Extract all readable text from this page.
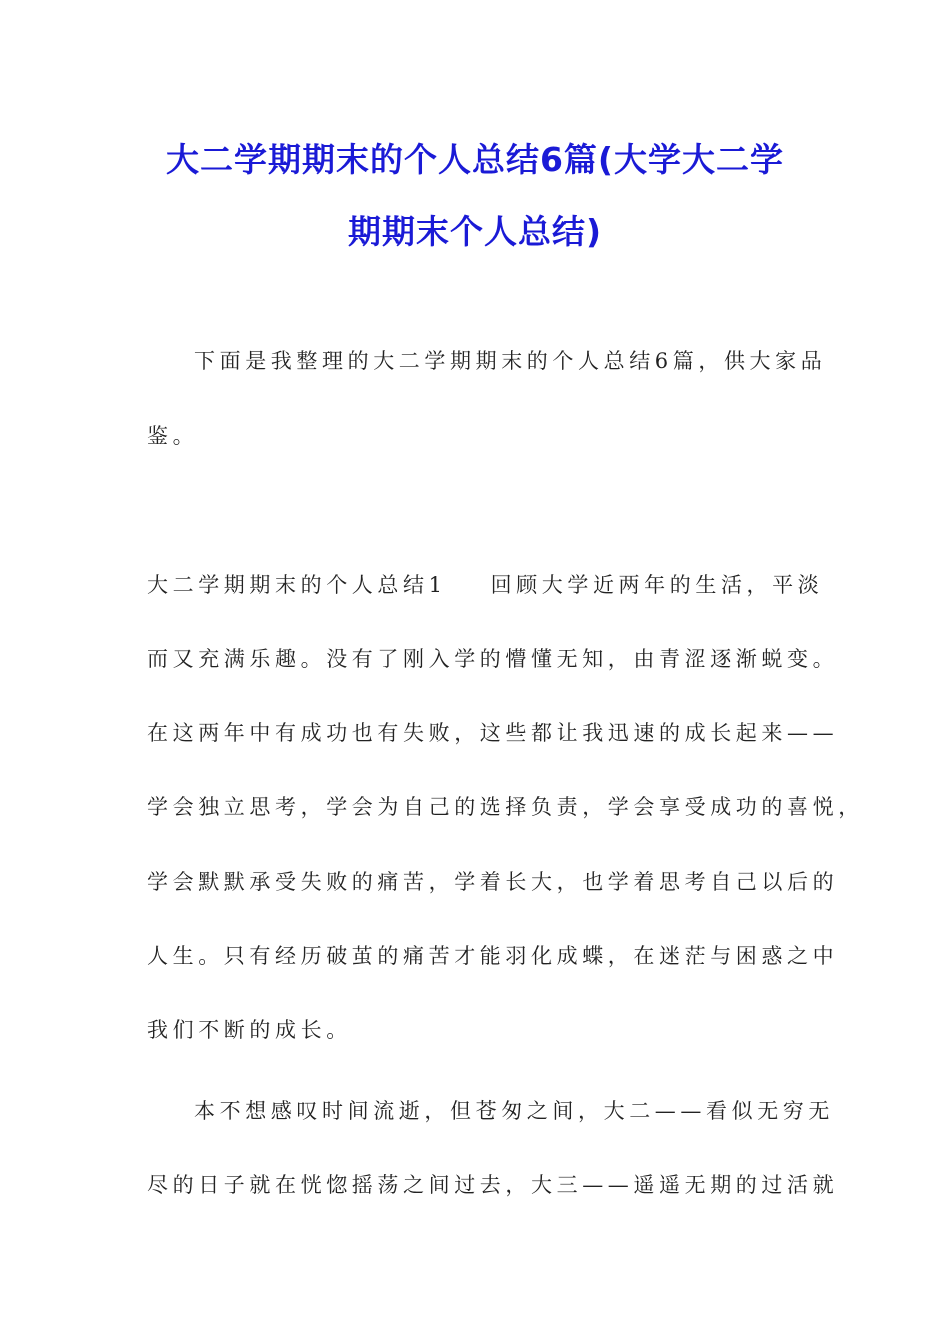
大二学期期末的个人总结6篇(大学大二学
期期末个人总结)

下面是我整理的大二学期期末的个人总结6篇，供大家品

鉴。

大二学期期末的个人总结1 回顾大学近两年的生活，平淡

而又充满乐趣。没有了刚入学的懵懂无知，由青涩逐渐蜕变。

在这两年中有成功也有失败，这些都让我迅速的成长起来——

学会独立思考，学会为自己的选择负责，学会享受成功的喜悦，

学会默默承受失败的痛苦，学着长大，也学着思考自己以后的

人生。只有经历破茧的痛苦才能羽化成蝶，在迷茫与困惑之中

我们不断的成长。

本不想感叹时间流逝，但苍匆之间，大二——看似无穷无

尽的日子就在恍惚摇荡之间过去，大三——遥遥无期的过活就
